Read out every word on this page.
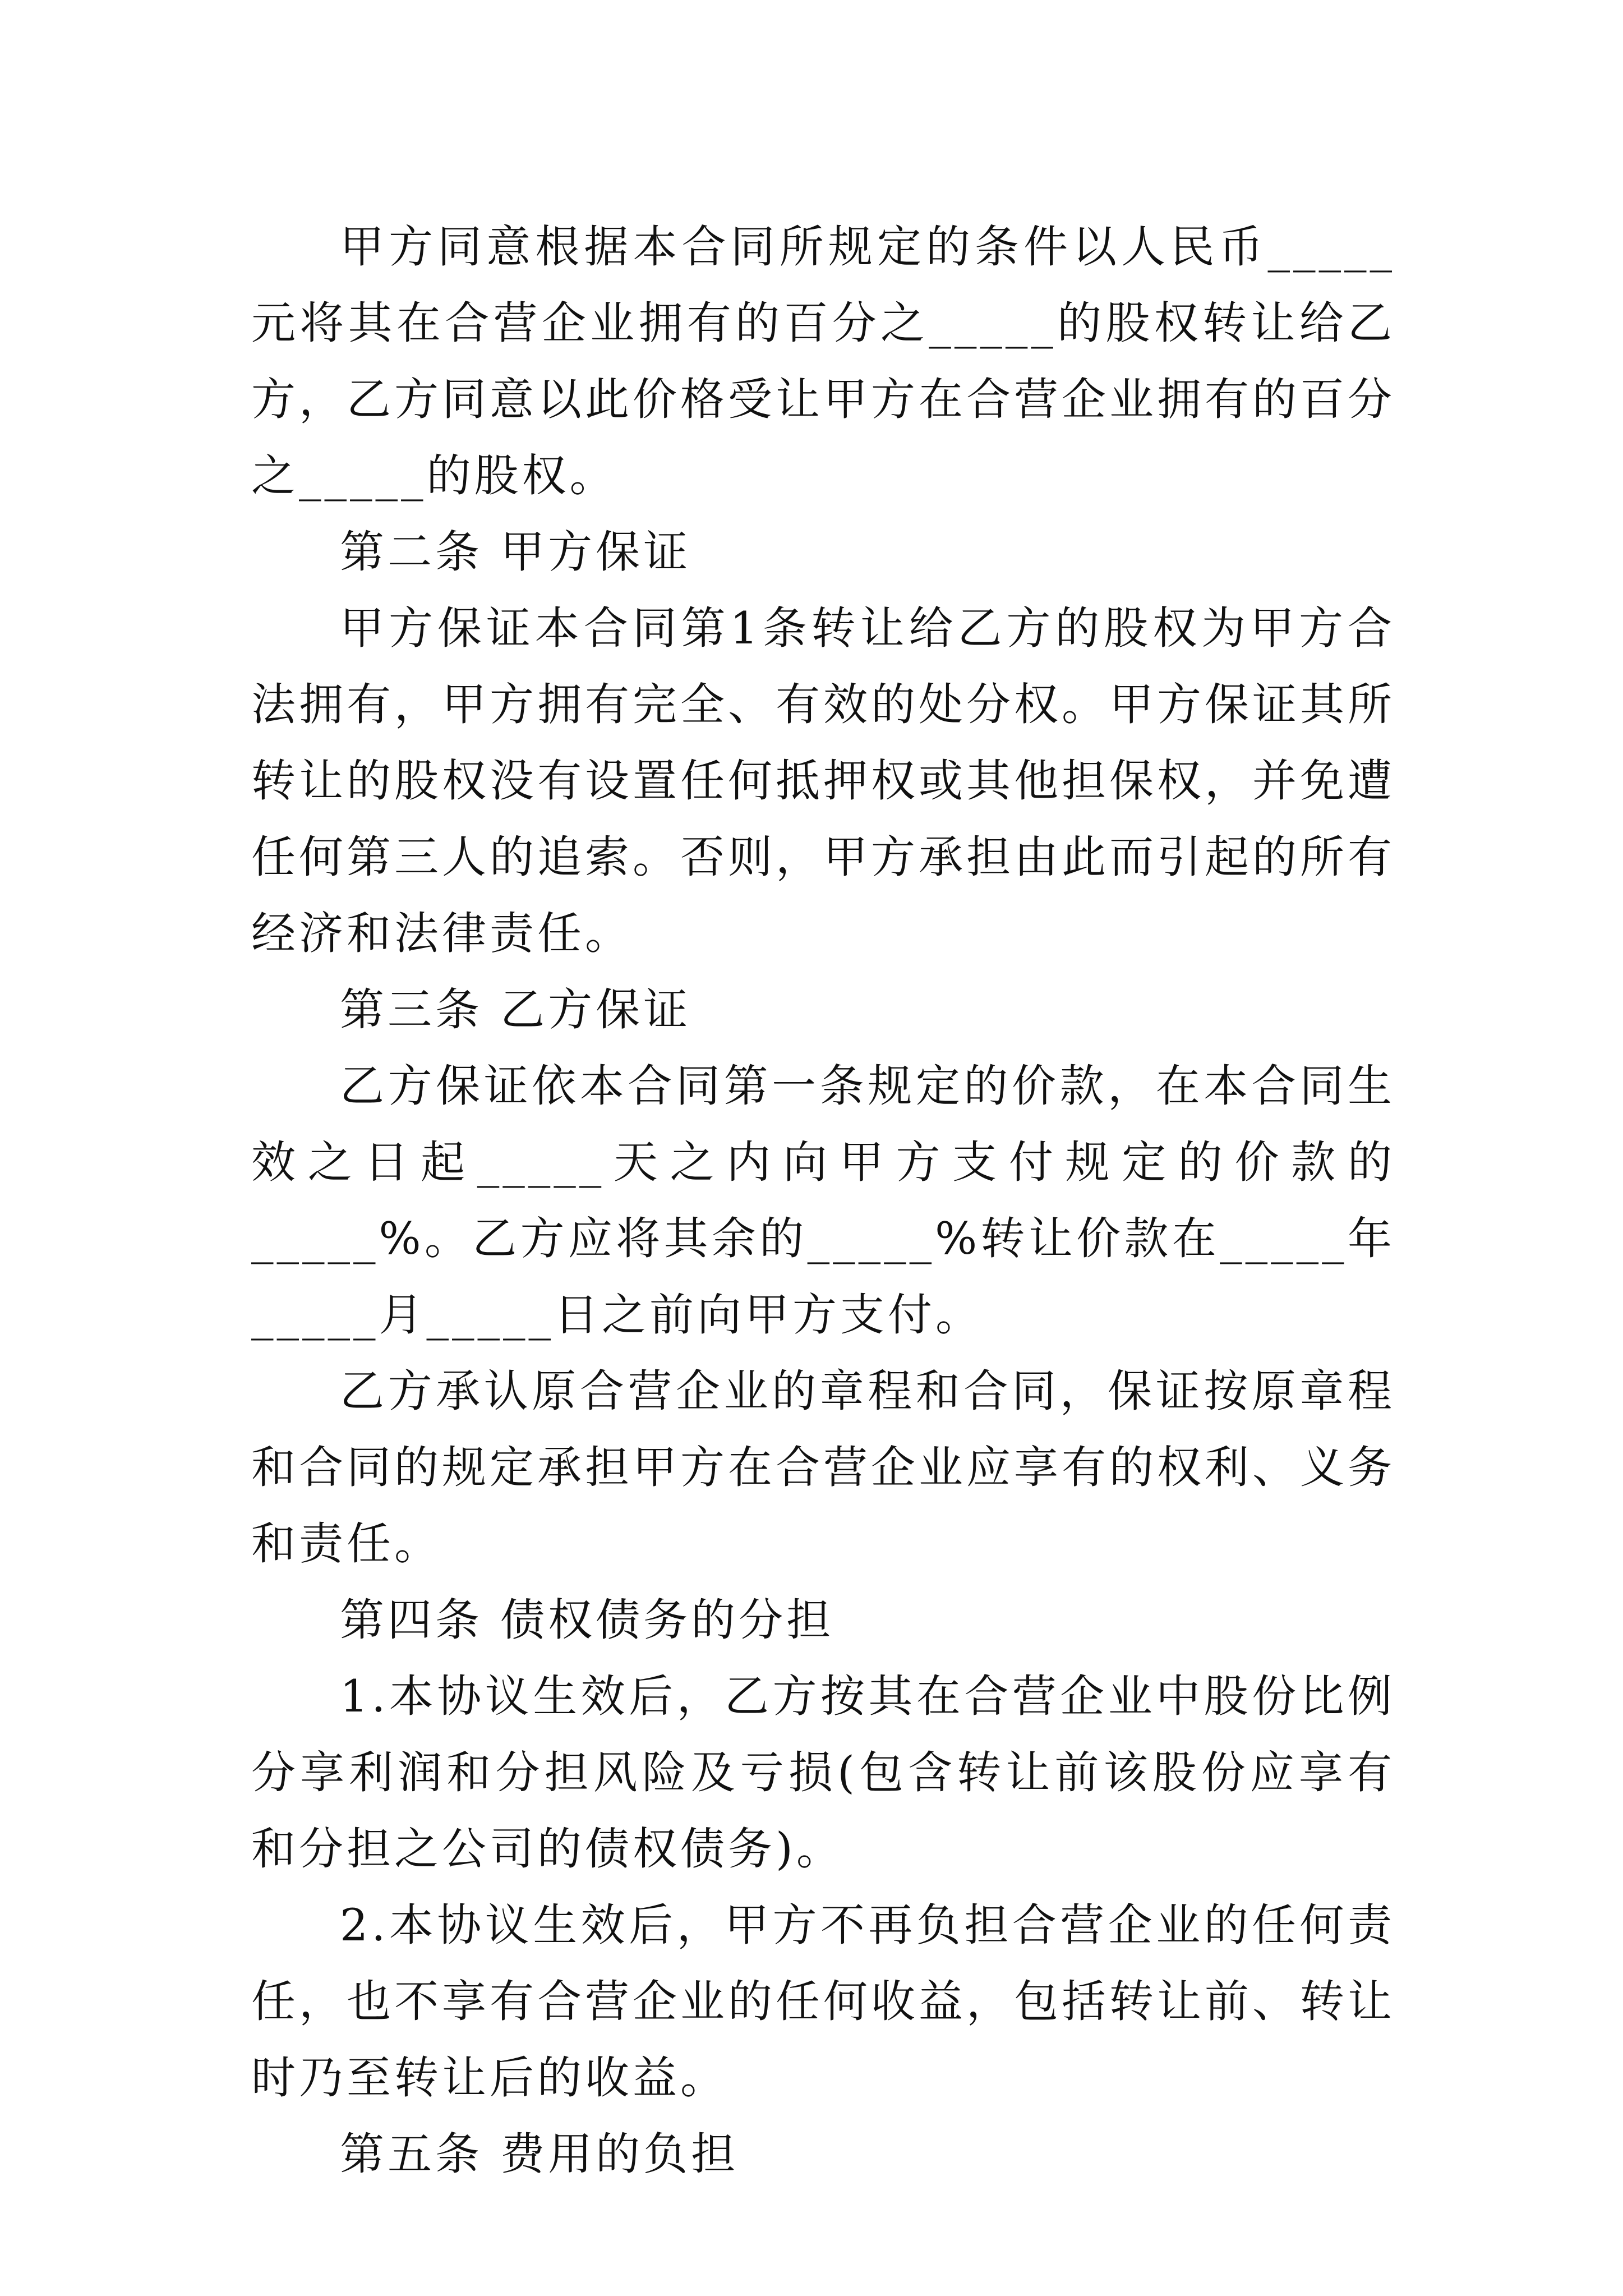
甲方同意根据本合同所规定的条件以人民币_____元将其在合营企业拥有的百分之_____的股权转让给乙方，乙方同意以此价格受让甲方在合营企业拥有的百分之_____的股权。

第二条 甲方保证

甲方保证本合同第1条转让给乙方的股权为甲方合法拥有，甲方拥有完全、有效的处分权。甲方保证其所转让的股权没有设置任何抵押权或其他担保权，并免遭任何第三人的追索。否则，甲方承担由此而引起的所有经济和法律责任。

第三条 乙方保证

乙方保证依本合同第一条规定的价款，在本合同生效之日起_____天之内向甲方支付规定的价款的_____%。乙方应将其余的_____%转让价款在_____年_____月_____日之前向甲方支付。

乙方承认原合营企业的章程和合同，保证按原章程和合同的规定承担甲方在合营企业应享有的权利、义务和责任。

第四条 债权债务的分担

1.本协议生效后，乙方按其在合营企业中股份比例分享利润和分担风险及亏损(包含转让前该股份应享有和分担之公司的债权债务)。

2.本协议生效后，甲方不再负担合营企业的任何责任，也不享有合营企业的任何收益，包括转让前、转让时乃至转让后的收益。

第五条 费用的负担
